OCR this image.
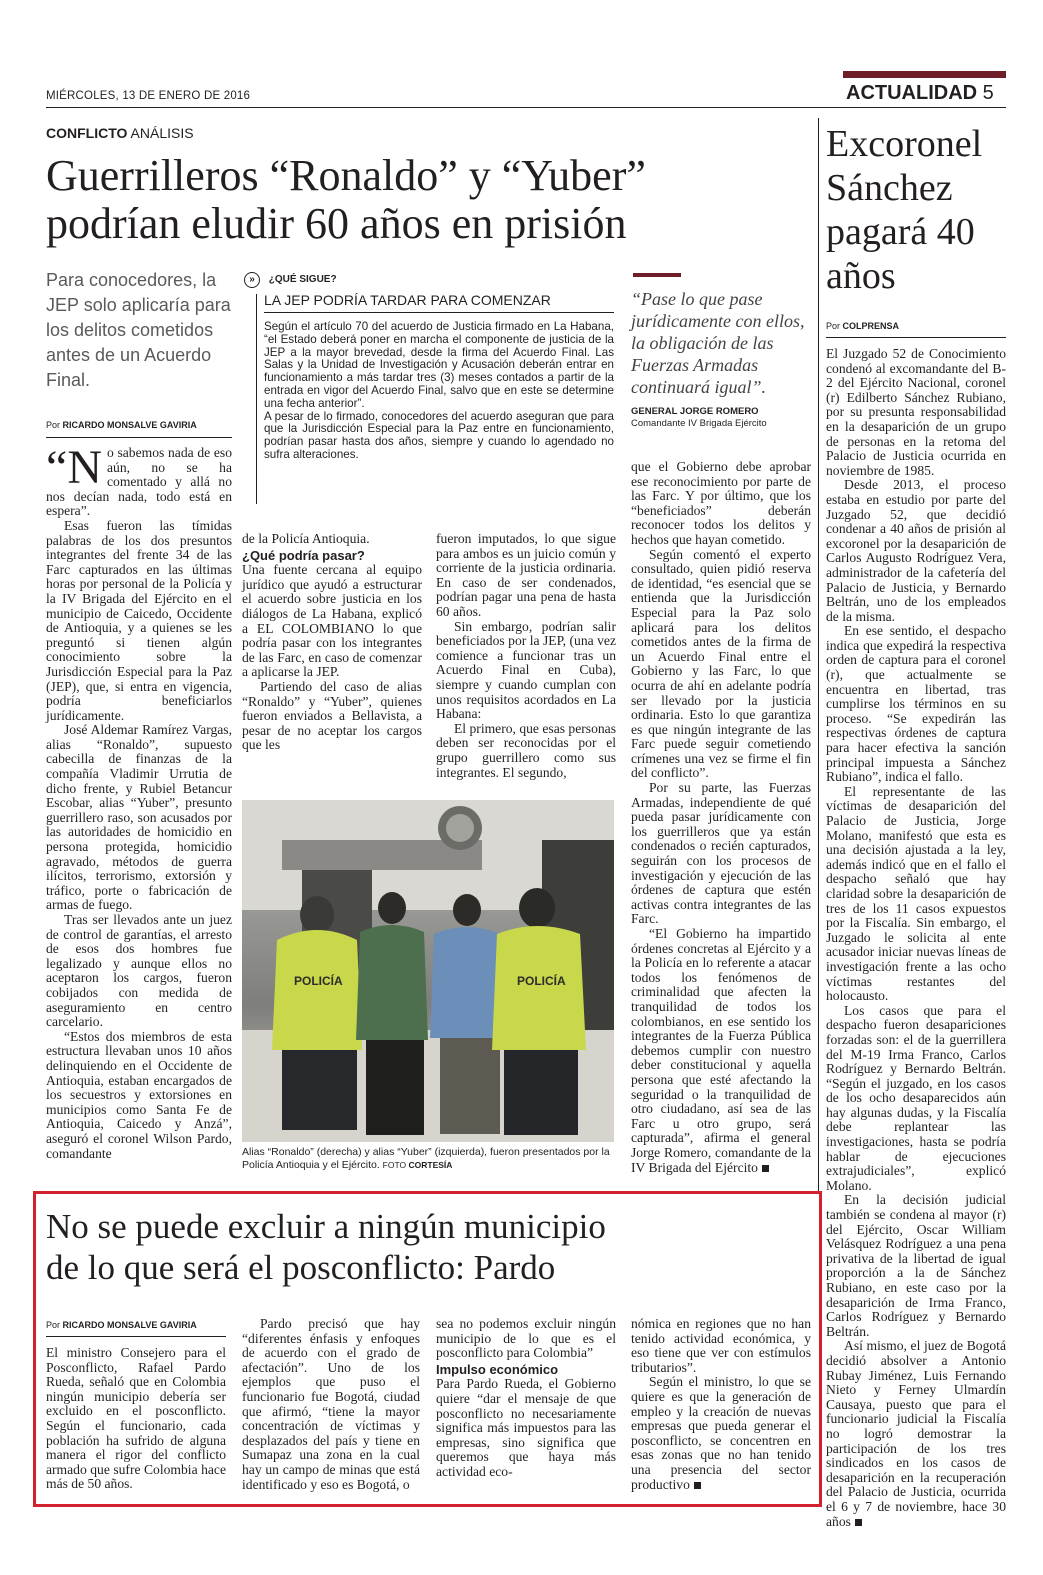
MIÉRCOLES, 13 DE ENERO DE 2016	ACTUALIDAD 5
CONFLICTO ANÁLISIS
Guerrilleros “Ronaldo” y “Yuber”
podrían eludir 60 años en prisión
Para conocedores, la JEP solo aplicaría para los delitos cometidos antes de un Acuerdo Final.
Por RICARDO MONSALVE GAVIRIA

“N o sabemos nada de eso aún, no se ha comentado y allá no nos decían nada, todo está en espera”.

Esas fueron las tímidas palabras de los dos presuntos integrantes del frente 34 de las Farc capturados en las últimas horas por personal de la Policía y la IV Brigada del Ejército en el municipio de Caicedo, Occidente de Antioquia, y a quienes se les preguntó si tienen algún conocimiento sobre la Jurisdicción Especial para la Paz (JEP), que, si entra en vigencia, podría beneficiarlos jurídicamente.

José Aldemar Ramírez Vargas, alias “Ronaldo”, supuesto cabecilla de finanzas de la compañía Vladimir Urrutia de dicho frente, y Rubiel Betancur Escobar, alias “Yuber”, presunto guerrillero raso, son acusados por las autoridades de homicidio en persona protegida, homicidio agravado, métodos de guerra ilícitos, terrorismo, extorsión y tráfico, porte o fabricación de armas de fuego.

Tras ser llevados ante un juez de control de garantías, el arresto de esos dos hombres fue legalizado y aunque ellos no aceptaron los cargos, fueron cobijados con medida de aseguramiento en centro carcelario.

“Estos dos miembros de esta estructura llevaban unos 10 años delinquiendo en el Occidente de Antioquia, estaban encargados de los secuestros y extorsiones en municipios como Santa Fe de Antioquia, Caicedo y Anzá”, aseguró el coronel Wilson Pardo, comandante

» ¿QUÉ SIGUE?
LA JEP PODRÍA TARDAR PARA COMENZAR
Según el artículo 70 del acuerdo de Justicia firmado en La Habana, “el Estado deberá poner en marcha el componente de justicia de la JEP a la mayor brevedad, desde la firma del Acuerdo Final. Las Salas y la Unidad de Investigación y Acusación deberán entrar en funcionamiento a más tardar tres (3) meses contados a partir de la entrada en vigor del Acuerdo Final, salvo que en este se determine una fecha anterior”.
A pesar de lo firmado, conocedores del acuerdo aseguran que para que la Jurisdicción Especial para la Paz entre en funcionamiento, podrían pasar hasta dos años, siempre y cuando lo agendado no sufra alteraciones.
“Pase lo que pase jurídicamente con ellos, la obligación de las Fuerzas Armadas continuará igual”.
GENERAL JORGE ROMERO
Comandante IV Brigada Ejército

de la Policía Antioquia.

¿Qué podría pasar?

Una fuente cercana al equipo jurídico que ayudó a estructurar el acuerdo sobre justicia en los diálogos de La Habana, explicó a EL COLOMBIANO lo que podría pasar con los integrantes de las Farc, en caso de comenzar a aplicarse la JEP.

Partiendo del caso de alias “Ronaldo” y “Yuber”, quienes fueron enviados a Bellavista, a pesar de no aceptar los cargos que les

fueron imputados, lo que sigue para ambos es un juicio común y corriente de la justicia ordinaria. En caso de ser condenados, podrían pagar una pena de hasta 60 años.

Sin embargo, podrían salir beneficiados por la JEP, (una vez comience a funcionar tras un Acuerdo Final en Cuba), siempre y cuando cumplan con unos requisitos acordados en La Habana:

El primero, que esas personas deben ser reconocidas por el grupo guerrillero como sus integrantes. El segundo,

que el Gobierno debe aprobar ese reconocimiento por parte de las Farc. Y por último, que los “beneficiados” deberán reconocer todos los delitos y hechos que hayan cometido.

Según comentó el experto consultado, quien pidió reserva de identidad, “es esencial que se entienda que la Jurisdicción Especial para la Paz solo aplicará para los delitos cometidos antes de la firma de un Acuerdo Final entre el Gobierno y las Farc, lo que ocurra de ahí en adelante podría ser llevado por la justicia ordinaria. Esto lo que garantiza es que ningún integrante de las Farc puede seguir cometiendo crímenes una vez se firme el fin del conflicto”.

Por su parte, las Fuerzas Armadas, independiente de qué pueda pasar jurídicamente con los guerrilleros que ya están condenados o recién capturados, seguirán con los procesos de investigación y ejecución de las órdenes de captura que estén activas contra integrantes de las Farc.

“El Gobierno ha impartido órdenes concretas al Ejército y a la Policía en lo referente a atacar todos los fenómenos de criminalidad que afecten la tranquilidad de todos los colombianos, en ese sentido los integrantes de la Fuerza Pública debemos cumplir con nuestro deber constitucional y aquella persona que esté afectando la seguridad o la tranquilidad de otro ciudadano, así sea de las Farc u otro grupo, será capturada”, afirma el general Jorge Romero, comandante de la IV Brigada del Ejército

POLICÍA	POLICÍA
Alias “Ronaldo” (derecha) y alias “Yuber” (izquierda), fueron presentados por la Policía Antioquia y el Ejército. FOTO CORTESÍA
Excoronel Sánchez pagará 40 años
Por COLPRENSA

El Juzgado 52 de Conocimiento condenó al excomandante del B-2 del Ejército Nacional, coronel (r) Edilberto Sánchez Rubiano, por su presunta responsabilidad en la desaparición de un grupo de personas en la retoma del Palacio de Justicia ocurrida en noviembre de 1985.

Desde 2013, el proceso estaba en estudio por parte del Juzgado 52, que decidió condenar a 40 años de prisión al excoronel por la desaparición de Carlos Augusto Rodríguez Vera, administrador de la cafetería del Palacio de Justicia, y Bernardo Beltrán, uno de los empleados de la misma.

En ese sentido, el despacho indica que expedirá la respectiva orden de captura para el coronel (r), que actualmente se encuentra en libertad, tras cumplirse los términos en su proceso. “Se expedirán las respectivas órdenes de captura para hacer efectiva la sanción principal impuesta a Sánchez Rubiano”, indica el fallo.

El representante de las víctimas de desaparición del Palacio de Justicia, Jorge Molano, manifestó que esta es una decisión ajustada a la ley, además indicó que en el fallo el despacho señaló que hay claridad sobre la desaparición de tres de los 11 casos expuestos por la Fiscalía. Sin embargo, el Juzgado le solicita al ente acusador iniciar nuevas líneas de investigación frente a las ocho víctimas restantes del holocausto.

Los casos que para el despacho fueron desapariciones forzadas son: el de la guerrillera del M-19 Irma Franco, Carlos Rodríguez y Bernardo Beltrán. “Según el juzgado, en los casos de los ocho desaparecidos aún hay algunas dudas, y la Fiscalía debe replantear las investigaciones, hasta se podría hablar de ejecuciones extrajudiciales”, explicó Molano.

En la decisión judicial también se condena al mayor (r) del Ejército, Oscar William Velásquez Rodríguez a una pena privativa de la libertad de igual proporción a la de Sánchez Rubiano, en este caso por la desaparición de Irma Franco, Carlos Rodríguez y Bernardo Beltrán.

Así mismo, el juez de Bogotá decidió absolver a Antonio Rubay Jiménez, Luis Fernando Nieto y Ferney Ulmardín Causaya, puesto que para el funcionario judicial la Fiscalía no logró demostrar la participación de los tres sindicados en los casos de desaparición en la recuperación del Palacio de Justicia, ocurrida el 6 y 7 de noviembre, hace 30 años

No se puede excluir a ningún municipio
de lo que será el posconflicto: Pardo
Por RICARDO MONSALVE GAVIRIA

El ministro Consejero para el Posconflicto, Rafael Pardo Rueda, señaló que en Colombia ningún municipio debería ser excluido en el posconflicto. Según el funcionario, cada población ha sufrido de alguna manera el rigor del conflicto armado que sufre Colombia hace más de 50 años.

Pardo precisó que hay “diferentes énfasis y enfoques de acuerdo con el grado de afectación”. Uno de los ejemplos que puso el funcionario fue Bogotá, ciudad que afirmó, “tiene la mayor concentración de víctimas y desplazados del país y tiene en Sumapaz una zona en la cual hay un campo de minas que está identificado y eso es Bogotá, o

sea no podemos excluir ningún municipio de lo que es el posconflicto para Colombia”

Impulso económico

Para Pardo Rueda, el Gobierno quiere “dar el mensaje de que posconflicto no necesariamente significa más impuestos para las empresas, sino significa que queremos que haya más actividad eco-

nómica en regiones que no han tenido actividad económica, y eso tiene que ver con estímulos tributarios”.

Según el ministro, lo que se quiere es que la generación de empleo y la creación de nuevas empresas que pueda generar el posconflicto, se concentren en esas zonas que no han tenido una presencia del sector productivo
